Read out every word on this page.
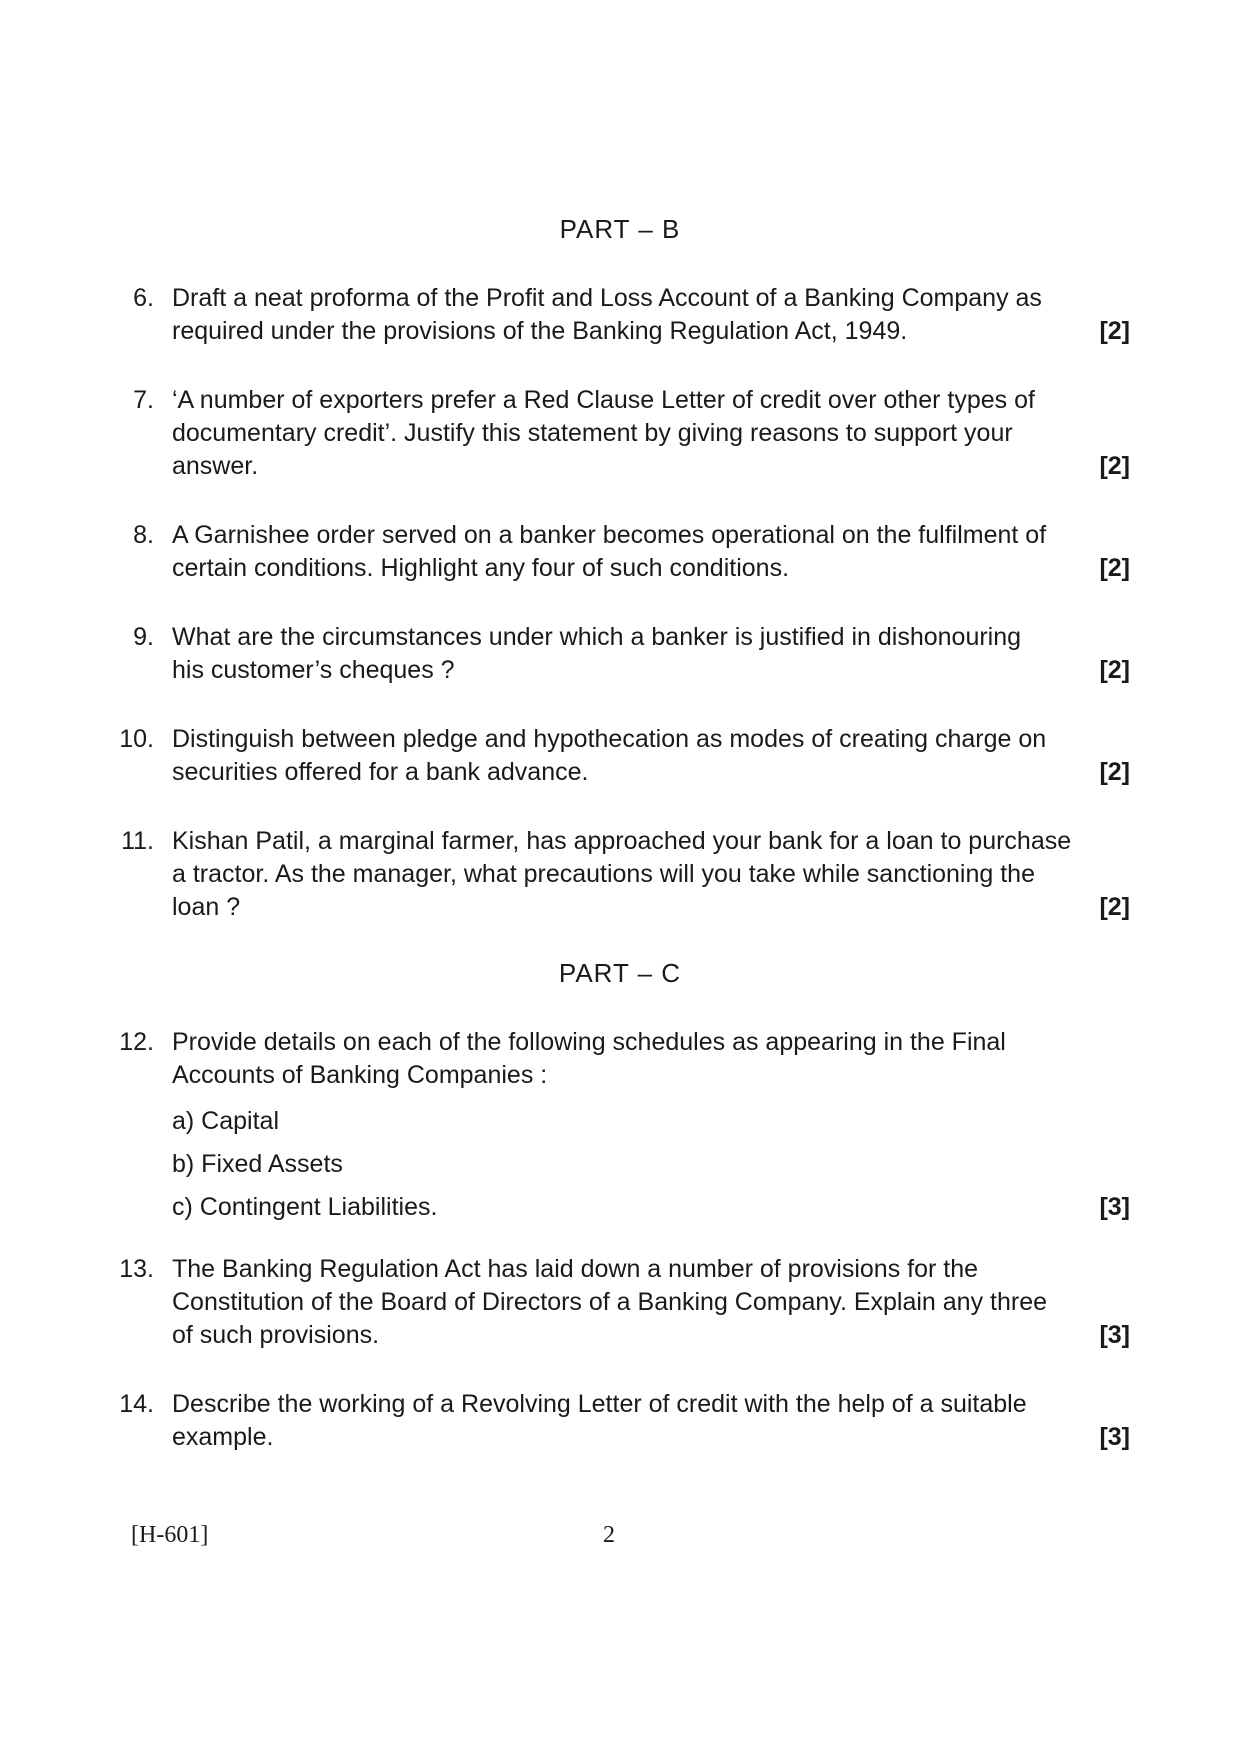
PART – B
6. Draft a neat proforma of the Profit and Loss Account of a Banking Company as
required under the provisions of the Banking Regulation Act, 1949.	[2]
7. ‘A number of exporters prefer a Red Clause Letter of credit over other types of
documentary credit’. Justify this statement by giving reasons to support your
answer.	[2]
8. A Garnishee order served on a banker becomes operational on the fulfilment of
certain conditions. Highlight any four of such conditions.	[2]
9. What are the circumstances under which a banker is justified in dishonouring
his customer’s cheques ?	[2]
10. Distinguish between pledge and hypothecation as modes of creating charge on
securities offered for a bank advance.	[2]
11. Kishan Patil, a marginal farmer, has approached your bank for a loan to purchase
a tractor. As the manager, what precautions will you take while sanctioning the
loan ?	[2]
PART – C
12. Provide details on each of the following schedules as appearing in the Final
Accounts of Banking Companies :
a) Capital
b) Fixed Assets
c) Contingent Liabilities.	[3]
13. The Banking Regulation Act has laid down a number of provisions for the
Constitution of the Board of Directors of a Banking Company. Explain any three
of such provisions.	[3]
14. Describe the working of a Revolving Letter of credit with the help of a suitable
example.	[3]
[H-601]	2
